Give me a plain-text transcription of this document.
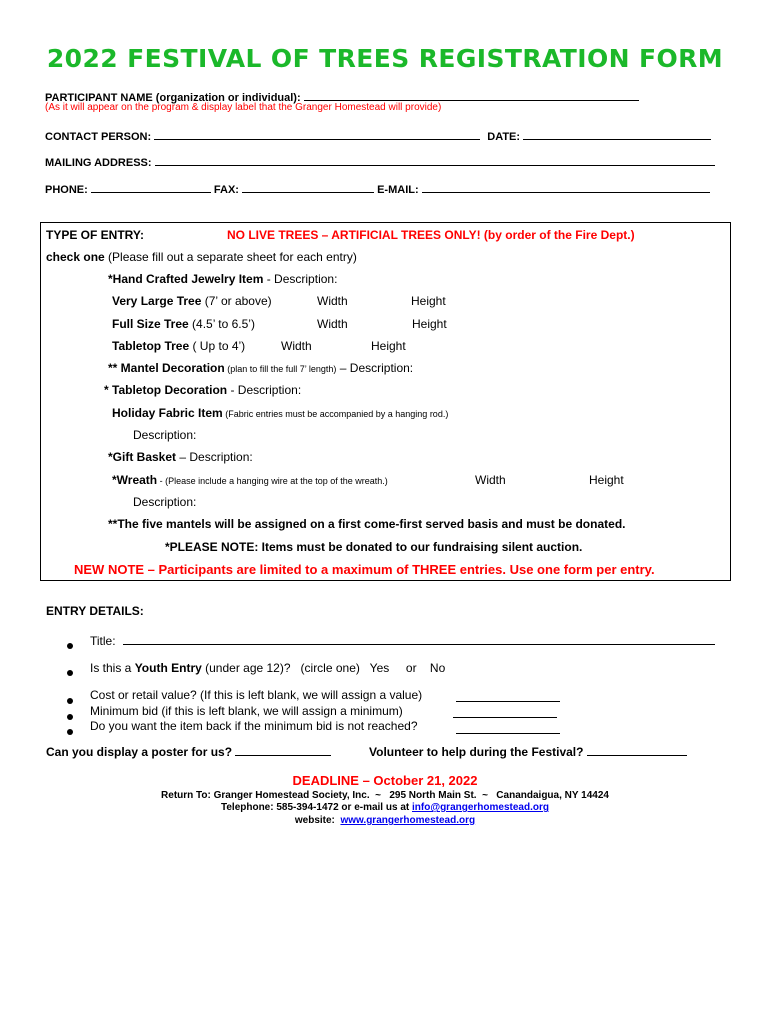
2022 FESTIVAL OF TREES REGISTRATION FORM
PARTICIPANT NAME (organization or individual):
(As it will appear on the program & display label that the Granger Homestead will provide)
CONTACT PERSON:	DATE:
MAILING ADDRESS:
PHONE:	FAX:	E-MAIL:
TYPE OF ENTRY:	NO LIVE TREES – ARTIFICIAL TREES ONLY! (by order of the Fire Dept.)
check one (Please fill out a separate sheet for each entry)
*Hand Crafted Jewelry Item - Description:
Very Large Tree (7’ or above)	Width	Height
Full Size Tree (4.5’ to 6.5’)	Width	Height
Tabletop Tree ( Up to 4’)	Width	Height
** Mantel Decoration (plan to fill the full 7’ length) – Description:
* Tabletop Decoration - Description:
Holiday Fabric Item (Fabric entries must be accompanied by a hanging rod.)
Description:
*Gift Basket – Description:
*Wreath - (Please include a hanging wire at the top of the wreath.)	Width	Height
Description:
**The five mantels will be assigned on a first come-first served basis and must be donated.
*PLEASE NOTE: Items must be donated to our fundraising silent auction.
NEW NOTE – Participants are limited to a maximum of THREE entries. Use one form per entry.
ENTRY DETAILS:
Title:
Is this a Youth Entry (under age 12)?   (circle one)   Yes     or    No
Cost or retail value? (If this is left blank, we will assign a value)
Minimum bid (if this is left blank, we will assign a minimum)
Do you want the item back if the minimum bid is not reached?
Can you display a poster for us?	Volunteer to help during the Festival?
DEADLINE – October 21, 2022
Return To: Granger Homestead Society, Inc.  ~   295 North Main St.  ~   Canandaigua, NY 14424
Telephone: 585-394-1472 or e-mail us at info@grangerhomestead.org
website:  www.grangerhomestead.org
